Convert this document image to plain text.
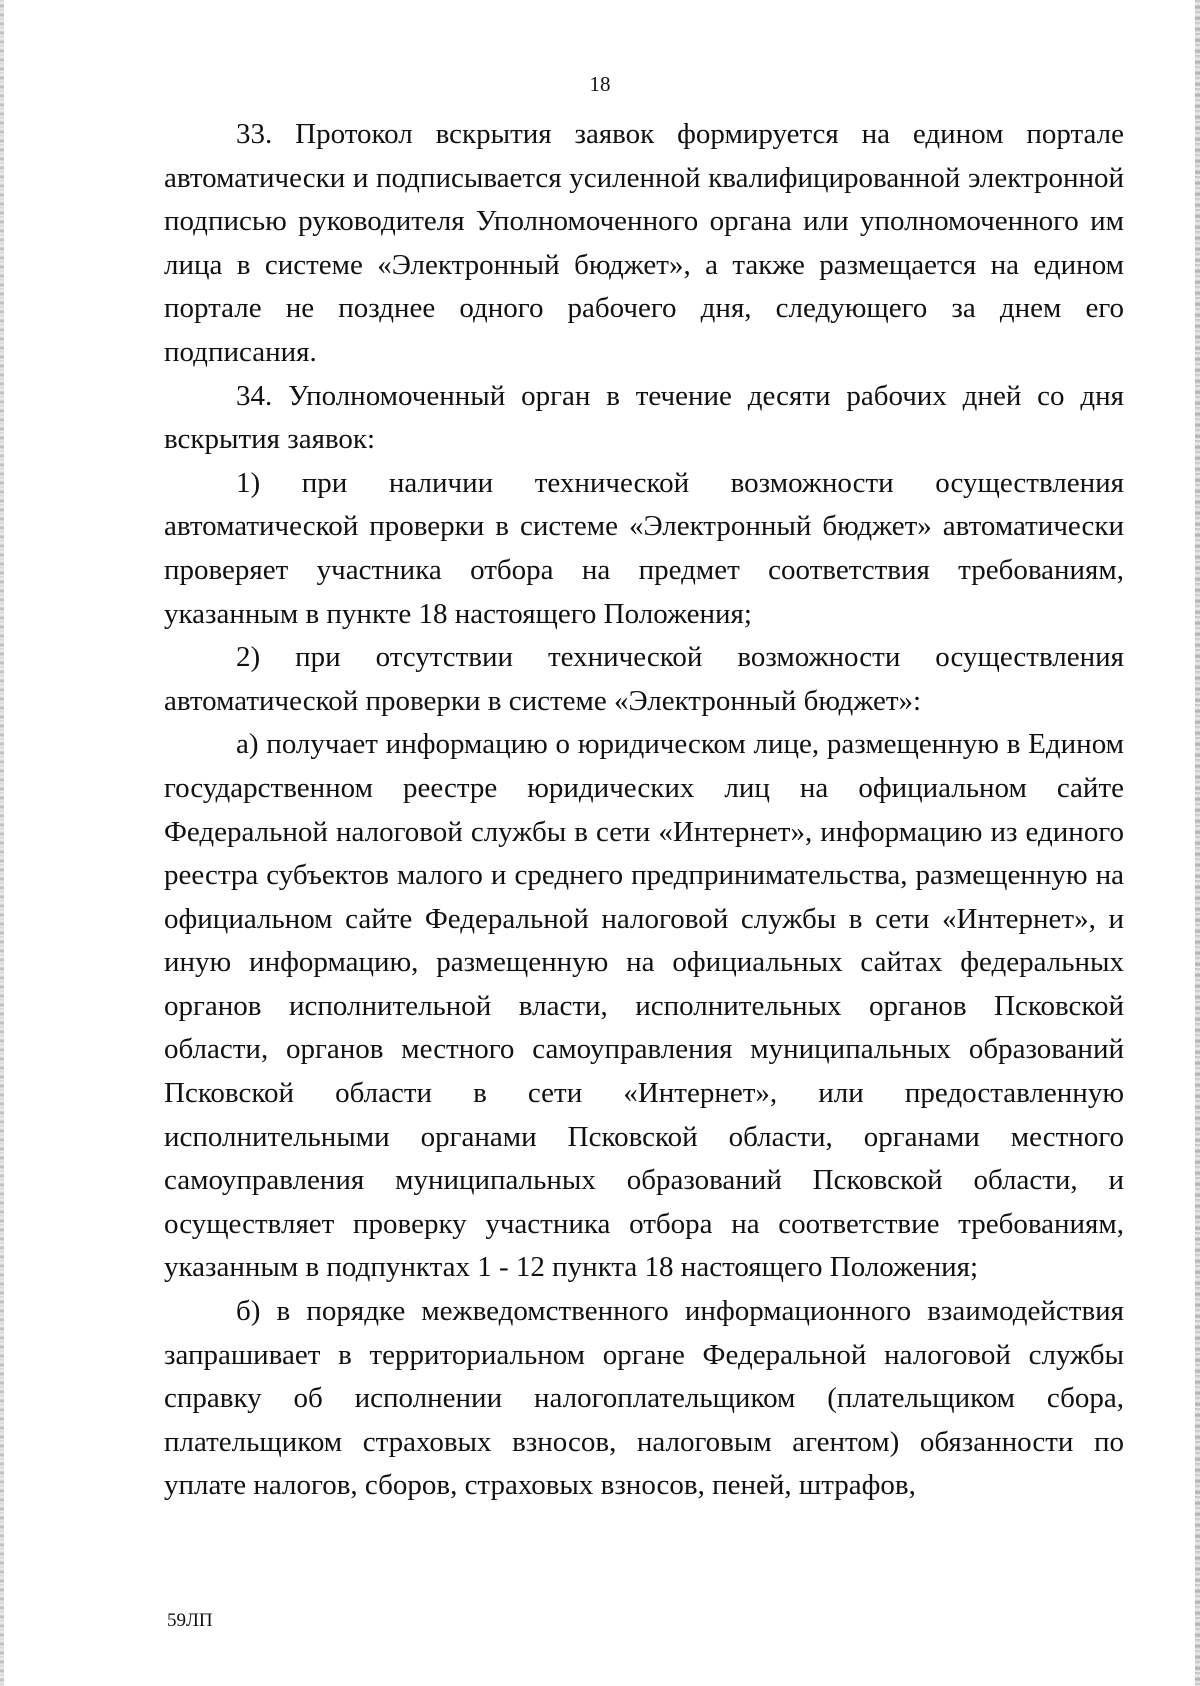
18

33. Протокол вскрытия заявок формируется на едином портале автоматически и подписывается усиленной квалифицированной электронной подписью руководителя Уполномоченного органа или уполномоченного им лица в системе «Электронный бюджет», а также размещается на едином портале не позднее одного рабочего дня, следующего за днем его подписания.

34. Уполномоченный орган в течение десяти рабочих дней со дня вскрытия заявок:

1) при наличии технической возможности осуществления автоматической проверки в системе «Электронный бюджет» автоматически проверяет участника отбора на предмет соответствия требованиям, указанным в пункте 18 настоящего Положения;

2) при отсутствии технической возможности осуществления автоматической проверки в системе «Электронный бюджет»:

а) получает информацию о юридическом лице, размещенную в Едином государственном реестре юридических лиц на официальном сайте Федеральной налоговой службы в сети «Интернет», информацию из единого реестра субъектов малого и среднего предпринимательства, размещенную на официальном сайте Федеральной налоговой службы в сети «Интернет», и иную информацию, размещенную на официальных сайтах федеральных органов исполнительной власти, исполнительных органов Псковской области, органов местного самоуправления муниципальных образований Псковской области в сети «Интернет», или предоставленную исполнительными органами Псковской области, органами местного самоуправления муниципальных образований Псковской области, и осуществляет проверку участника отбора на соответствие требованиям, указанным в подпунктах 1 - 12 пункта 18 настоящего Положения;

б) в порядке межведомственного информационного взаимодействия запрашивает в территориальном органе Федеральной налоговой службы справку об исполнении налогоплательщиком (плательщиком сбора, плательщиком страховых взносов, налоговым агентом) обязанности по уплате налогов, сборов, страховых взносов, пеней, штрафов,

59ЛП
